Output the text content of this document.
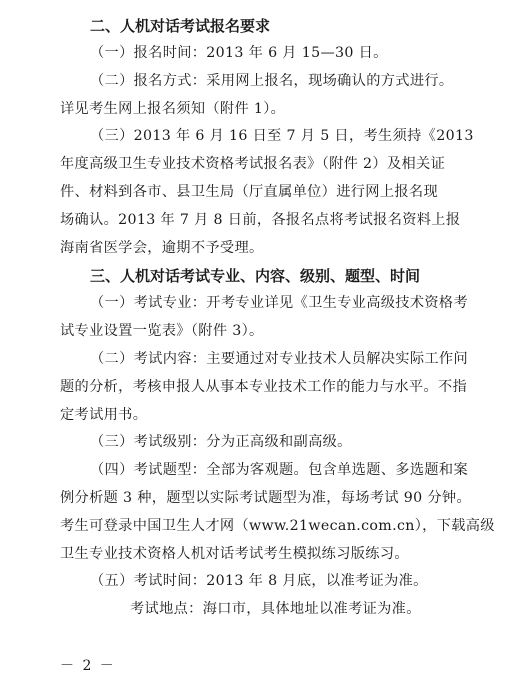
二、人机对话考试报名要求

（一）报名时间：2013 年 6 月 15—30 日。

（二）报名方式：采用网上报名，现场确认的方式进行。
详见考生网上报名须知（附件 1）。

（三）2013 年 6 月 16 日至 7 月 5 日，考生须持《2013
年度高级卫生专业技术资格考试报名表》（附件 2）及相关证
件、材料到各市、县卫生局（厅直属单位）进行网上报名现
场确认。2013 年 7 月 8 日前，各报名点将考试报名资料上报
海南省医学会，逾期不予受理。

三、人机对话考试专业、内容、级别、题型、时间

（一）考试专业：开考专业详见《卫生专业高级技术资格考
试专业设置一览表》（附件 3）。

（二）考试内容：主要通过对专业技术人员解决实际工作问
题的分析，考核申报人从事本专业技术工作的能力与水平。不指
定考试用书。

（三）考试级别：分为正高级和副高级。

（四）考试题型：全部为客观题。包含单选题、多选题和案
例分析题 3 种，题型以实际考试题型为准，每场考试 90 分钟。
考生可登录中国卫生人才网（www.21wecan.com.cn），下载高级
卫生专业技术资格人机对话考试考生模拟练习版练习。

（五）考试时间：2013 年 8 月底，以准考证为准。

考试地点：海口市，具体地址以准考证为准。

－ 2 －
